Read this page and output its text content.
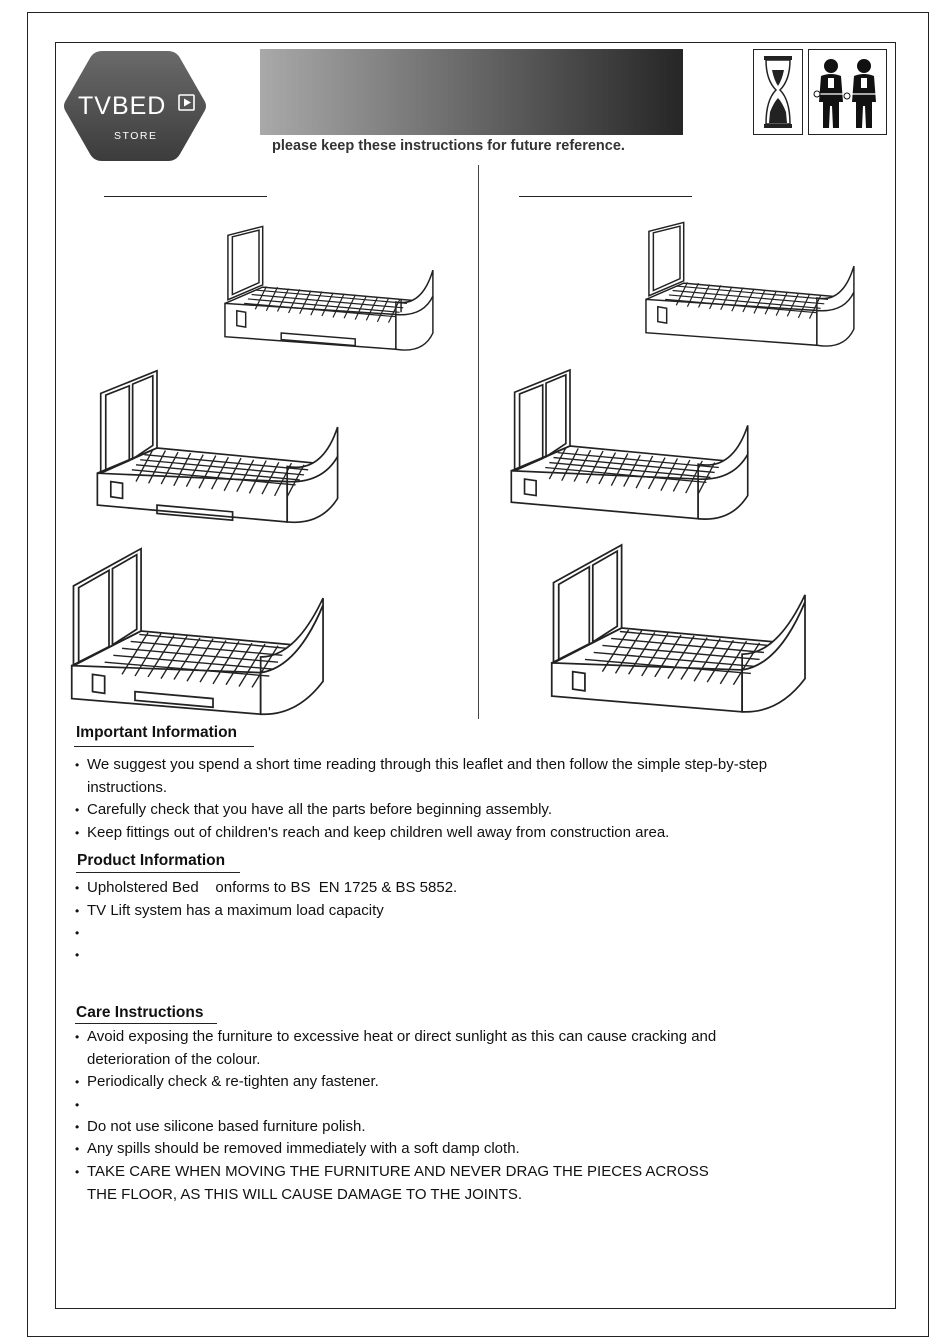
TVBED
STORE
please keep these instructions for future reference.
Important Information
• We suggest you spend a short time reading through this leaflet and then follow the simple step-by-step
instructions.
• Carefully check that you have all the parts before beginning assembly.
• Keep fittings out of children's reach and keep children well away from construction area.
Product Information
• Upholstered Bed    onforms to BS  EN 1725 & BS 5852.
• TV Lift system has a maximum load capacity
•
•
Care Instructions
• Avoid exposing the furniture to excessive heat or direct sunlight as this can cause cracking and
deterioration of the colour.
• Periodically check & re-tighten any fastener.
•
• Do not use silicone based furniture polish.
• Any spills should be removed immediately with a soft damp cloth.
• TAKE CARE WHEN MOVING THE FURNITURE AND NEVER DRAG THE PIECES ACROSS
THE FLOOR, AS THIS WILL CAUSE DAMAGE TO THE JOINTS.
